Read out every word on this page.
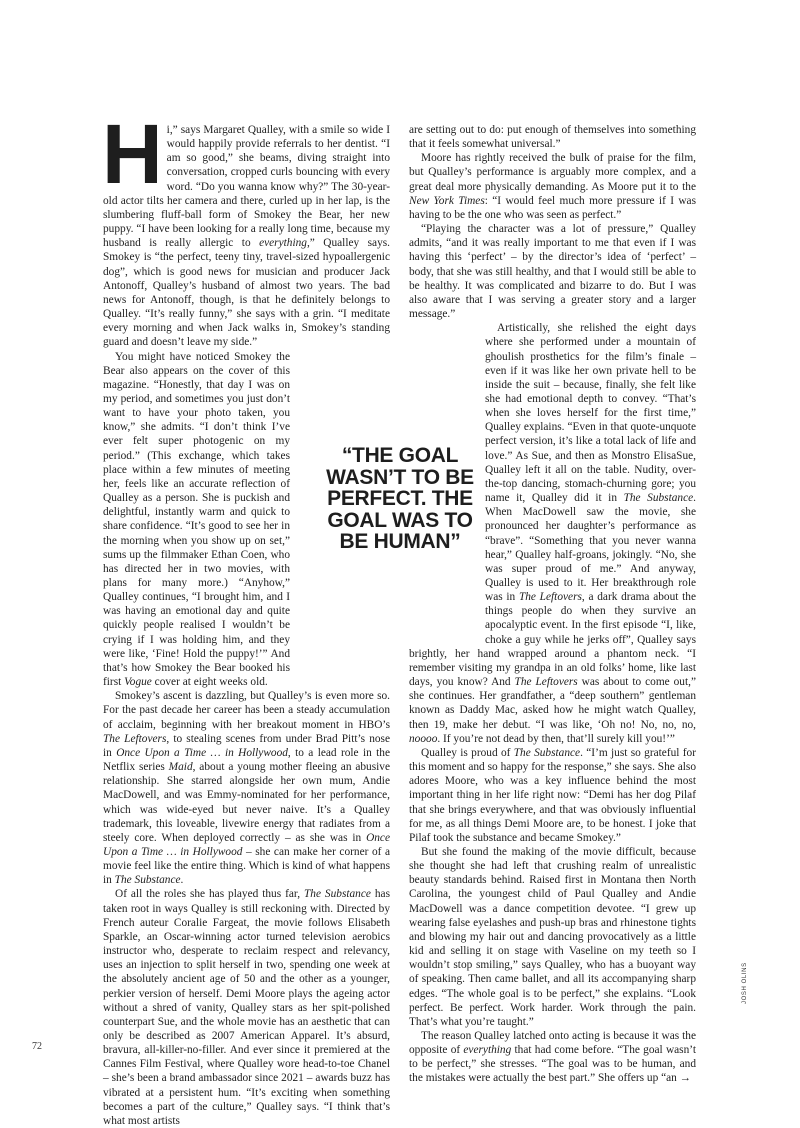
Hi,” says Margaret Qualley, with a smile so wide I would happily provide referrals to her dentist. “I am so good,” she beams, diving straight into conversation, cropped curls bouncing with every word. “Do you wanna know why?” The 30-year-old actor tilts her camera and there, curled up in her lap, is the slumbering fluff-ball form of Smokey the Bear, her new puppy. “I have been looking for a really long time, because my husband is really allergic to everything,” Qualley says. Smokey is “the perfect, teeny tiny, travel-sized hypoallergenic dog”, which is good news for musician and producer Jack Antonoff, Qualley’s husband of almost two years. The bad news for Antonoff, though, is that he definitely belongs to Qualley. “It’s really funny,” she says with a grin. “I meditate every morning and when Jack walks in, Smokey’s standing guard and doesn’t leave my side.”

You might have noticed Smokey the Bear also appears on the cover of this magazine. “Honestly, that day I was on my period, and sometimes you just don’t want to have your photo taken, you know,” she admits. “I don’t think I’ve ever felt super photogenic on my period.” (This exchange, which takes place within a few minutes of meeting her, feels like an accurate reflection of Qualley as a person. She is puckish and delightful, instantly warm and quick to share confidence. “It’s good to see her in the morning when you show up on set,” sums up the filmmaker Ethan Coen, who has directed her in two movies, with plans for many more.) “Anyhow,” Qualley continues, “I brought him, and I was having an emotional day and quite quickly people realised I wouldn’t be crying if I was holding him, and they were like, ‘Fine! Hold the puppy!’” And that’s how Smokey the Bear booked his first Vogue cover at eight weeks old.

Smokey’s ascent is dazzling, but Qualley’s is even more so. For the past decade her career has been a steady accumulation of acclaim, beginning with her breakout moment in HBO’s The Leftovers, to stealing scenes from under Brad Pitt’s nose in Once Upon a Time … in Hollywood, to a lead role in the Netflix series Maid, about a young mother fleeing an abusive relationship. She starred alongside her own mum, Andie MacDowell, and was Emmy-nominated for her performance, which was wide-eyed but never naive. It’s a Qualley trademark, this loveable, livewire energy that radiates from a steely core. When deployed correctly – as she was in Once Upon a Time … in Hollywood – she can make her corner of a movie feel like the entire thing. Which is kind of what happens in The Substance.

Of all the roles she has played thus far, The Substance has taken root in ways Qualley is still reckoning with. Directed by French auteur Coralie Fargeat, the movie follows Elisabeth Sparkle, an Oscar-winning actor turned television aerobics instructor who, desperate to reclaim respect and relevancy, uses an injection to split herself in two, spending one week at the absolutely ancient age of 50 and the other as a younger, perkier version of herself. Demi Moore plays the ageing actor without a shred of vanity, Qualley stars as her spit-polished counterpart Sue, and the whole movie has an aesthetic that can only be described as 2007 American Apparel. It’s absurd, bravura, all-killer-no-filler. And ever since it premiered at the Cannes Film Festival, where Qualley wore head-to-toe Chanel – she’s been a brand ambassador since 2021 – awards buzz has vibrated at a persistent hum. “It’s exciting when something becomes a part of the culture,” Qualley says. “I think that’s what most artists

are setting out to do: put enough of themselves into something that it feels somewhat universal.”

Moore has rightly received the bulk of praise for the film, but Qualley’s performance is arguably more complex, and a great deal more physically demanding. As Moore put it to the New York Times: “I would feel much more pressure if I was having to be the one who was seen as perfect.”

“Playing the character was a lot of pressure,” Qualley admits, “and it was really important to me that even if I was having this ‘perfect’ – by the director’s idea of ‘perfect’ – body, that she was still healthy, and that I would still be able to be healthy. It was complicated and bizarre to do. But I was also aware that I was serving a greater story and a larger message.”

Artistically, she relished the eight days where she performed under a mountain of ghoulish prosthetics for the film’s finale – even if it was like her own private hell to be inside the suit – because, finally, she felt like she had emotional depth to convey. “That’s when she loves herself for the first time,” Qualley explains. “Even in that quote-unquote perfect version, it’s like a total lack of life and love.” As Sue, and then as Monstro ElisaSue, Qualley left it all on the table. Nudity, over-the-top dancing, stomach-churning gore; you name it, Qualley did it in The Substance. When MacDowell saw the movie, she pronounced her daughter’s performance as “brave”. “Something that you never wanna hear,” Qualley half-groans, jokingly. “No, she was super proud of me.” And anyway, Qualley is used to it. Her breakthrough role was in The Leftovers, a dark drama about the things people do when they survive an apocalyptic event. In the first episode “I, like, choke a guy while he jerks off”, Qualley says brightly, her hand wrapped around a phantom neck. “I remember visiting my grandpa in an old folks’ home, like last days, you know? And The Leftovers was about to come out,” she continues. Her grandfather, a “deep southern” gentleman known as Daddy Mac, asked how he might watch Qualley, then 19, make her debut. “I was like, ‘Oh no! No, no, no, noooo. If you’re not dead by then, that’ll surely kill you!’”

Qualley is proud of The Substance. “I’m just so grateful for this moment and so happy for the response,” she says. She also adores Moore, who was a key influence behind the most important thing in her life right now: “Demi has her dog Pilaf that she brings everywhere, and that was obviously influential for me, as all things Demi Moore are, to be honest. I joke that Pilaf took the substance and became Smokey.”

But she found the making of the movie difficult, because she thought she had left that crushing realm of unrealistic beauty standards behind. Raised first in Montana then North Carolina, the youngest child of Paul Qualley and Andie MacDowell was a dance competition devotee. “I grew up wearing false eyelashes and push-up bras and rhinestone tights and blowing my hair out and dancing provocatively as a little kid and selling it on stage with Vaseline on my teeth so I wouldn’t stop smiling,” says Qualley, who has a buoyant way of speaking. Then came ballet, and all its accompanying sharp edges. “The whole goal is to be perfect,” she explains. “Look perfect. Be perfect. Work harder. Work through the pain. That’s what you’re taught.”

The reason Qualley latched onto acting is because it was the opposite of everything that had come before. “The goal wasn’t to be perfect,” she stresses. “The goal was to be human, and the mistakes were actually the best part.” She offers up “an →

“THE GOAL WASN’T TO BE PERFECT. THE GOAL WAS TO BE HUMAN”
JOSH OLINS
72
